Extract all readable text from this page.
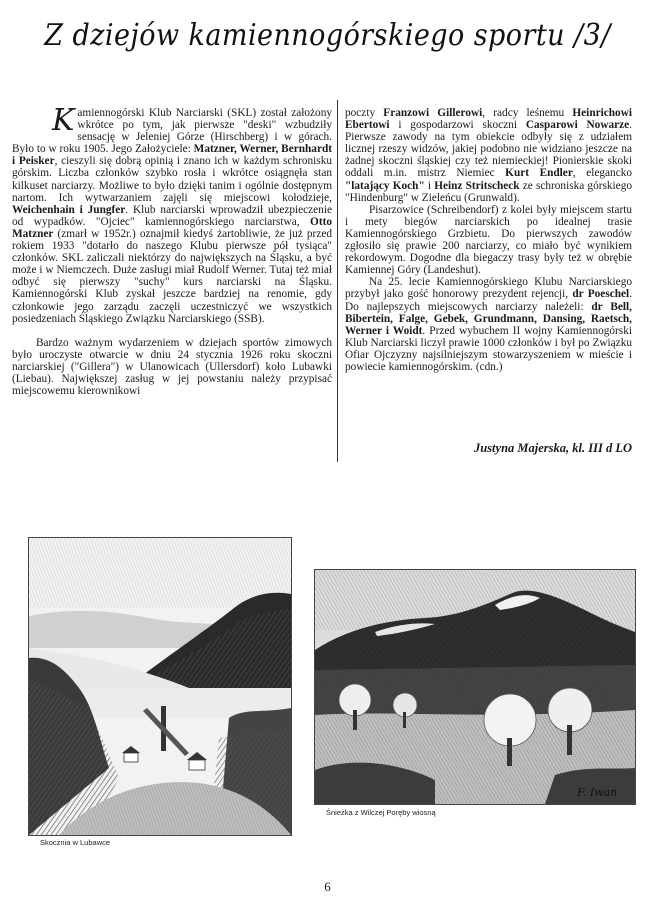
Z dziejów kamiennogórskiego sportu /3/

Kamiennogórski Klub Narciarski (SKL) został założony wkrótce po tym, jak pierwsze "deski" wzbudziły sensację w Jeleniej Górze (Hirschberg) i w górach. Było to w roku 1905. Jego Założyciele: Matzner, Werner, Bernhardt i Peisker, cieszyli się dobrą opinią i znano ich w każdym schronisku górskim. Liczba członków szybko rosła i wkrótce osiągnęła stan kilkuset narciarzy. Możliwe to było dzięki tanim i ogólnie dostępnym nartom. Ich wytwarzaniem zajęli się miejscowi kołodzieje, Weichenhain i Jungfer. Klub narciarski wprowadził ubezpieczenie od wypadków. "Ojciec" kamiennogórskiego narciarstwa, Otto Matzner (zmarł w 1952r.) oznajmił kiedyś żartobliwie, że już przed rokiem 1933 "dotarło do naszego Klubu pierwsze pół tysiąca" członków. SKL zaliczali niektórzy do największych na Śląsku, a być może i w Niemczech. Duże zasługi miał Rudolf Werner. Tutaj też miał odbyć się pierwszy "suchy" kurs narciarski na Śląsku. Kamiennogórski Klub zyskał jeszcze bardziej na renomie, gdy członkowie jego zarządu zaczęli uczestniczyć we wszystkich posiedzeniach Śląskiego Związku Narciarskiego (SSB).

Bardzo ważnym wydarzeniem w dziejach sportów zimowych było uroczyste otwarcie w dniu 24 stycznia 1926 roku skoczni narciarskiej ("Gillera") w Ulanowicach (Ullersdorf) koło Lubawki (Liebau). Największej zasług w jej powstaniu należy przypisać miejscowemu kierownikowi

poczty Franzowi Gillerowi, radcy leśnemu Heinrichowi Ebertowi i gospodarzowi skoczni Casparowi Nowarze. Pierwsze zawody na tym obiekcie odbyły się z udziałem licznej rzeszy widzów, jakiej podobno nie widziano jeszcze na żadnej skoczni śląskiej czy też niemieckiej! Pionierskie skoki oddali m.in. mistrz Niemiec Kurt Endler, elegancko "latający Koch" i Heinz Stritscheck ze schroniska górskiego "Hindenburg" w Zieleńcu (Grunwald).

Pisarzowice (Schreibendorf) z kolei były miejscem startu i mety biegów narciarskich po idealnej trasie Kamiennogórskiego Grzbietu. Do pierwszych zawodów zgłosiło się prawie 200 narciarzy, co miało być wynikiem rekordowym. Dogodne dla biegaczy trasy były też w obrębie Kamiennej Góry (Landeshut).

Na 25. lecie Kamiennogórskiego Klubu Narciarskiego przybył jako gość honorowy prezydent rejencji, dr Poeschel. Do najlepszych miejscowych narciarzy należeli: dr Bell, Bibertein, Falge, Gebek, Grundmann, Dansing, Raetsch, Werner i Woidt. Przed wybuchem II wojny Kamiennogórski Klub Narciarski liczył prawie 1000 członków i był po Związku Ofiar Ojczyzny najsilniejszym stowarzyszeniem w mieście i powiecie kamiennogórskim. (cdn.)

Justyna Majerska, kl. III d LO
Skocznia w Lubawce
F. Iwan
Śnieżka z Wilczej Poręby wiosną
6
